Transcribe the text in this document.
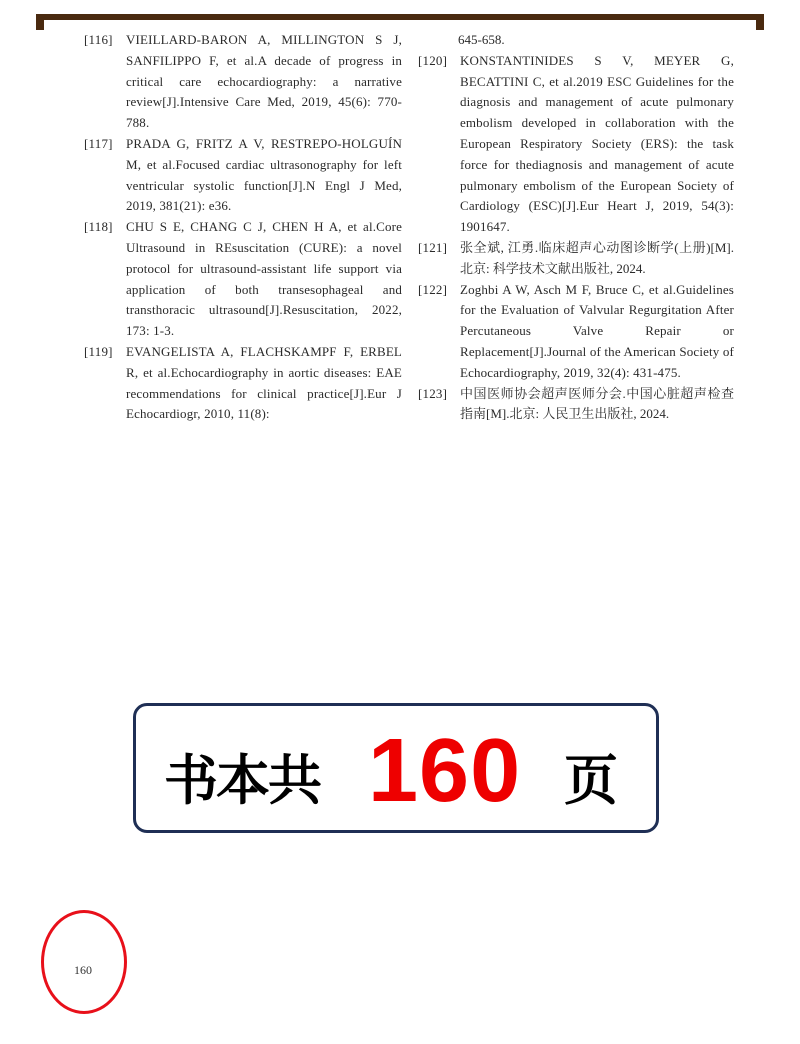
[116]	VIEILLARD-BARON A, MILLINGTON S J, SANFILIPPO F, et al.A decade of progress in critical care echocardiography: a narrative review[J].Intensive Care Med, 2019, 45(6): 770-788.
[117]	PRADA G, FRITZ A V, RESTREPO-HOLGUÍN M, et al.Focused cardiac ultrasonography for left ventricular systolic function[J].N Engl J Med, 2019, 381(21): e36.
[118]	CHU S E, CHANG C J, CHEN H A, et al.Core Ultrasound in REsuscitation (CURE): a novel protocol for ultrasound-assistant life support via application of both transesophageal and transthoracic ultrasound[J].Resuscitation, 2022, 173: 1-3.
[119]	EVANGELISTA A, FLACHSKAMPF F, ERBEL R, et al.Echocardiography in aortic diseases: EAE recommendations for clinical practice[J].Eur J Echocardiogr, 2010, 11(8):
645-658.
[120] KONSTANTINIDES S V, MEYER G, BECATTINI C, et al.2019 ESC Guidelines for the diagnosis and management of acute pulmonary embolism developed in collaboration with the European Respiratory Society (ERS): the task force for thediagnosis and management of acute pulmonary embolism of the European Society of Cardiology (ESC)[J].Eur Heart J, 2019, 54(3): 1901647.
[121] 张全斌, 江勇.临床超声心动图诊断学(上册)[M].北京: 科学技术文献出版社, 2024.
[122] Zoghbi A W, Asch M F, Bruce C, et al.Guidelines for the Evaluation of Valvular Regurgitation After Percutaneous Valve Repair or Replacement[J].Journal of the American Society of Echocardiography, 2019, 32(4): 431-475.
[123] 中国医师协会超声医师分会.中国心脏超声检查指南[M].北京: 人民卫生出版社, 2024.
书本共 160 页
160
